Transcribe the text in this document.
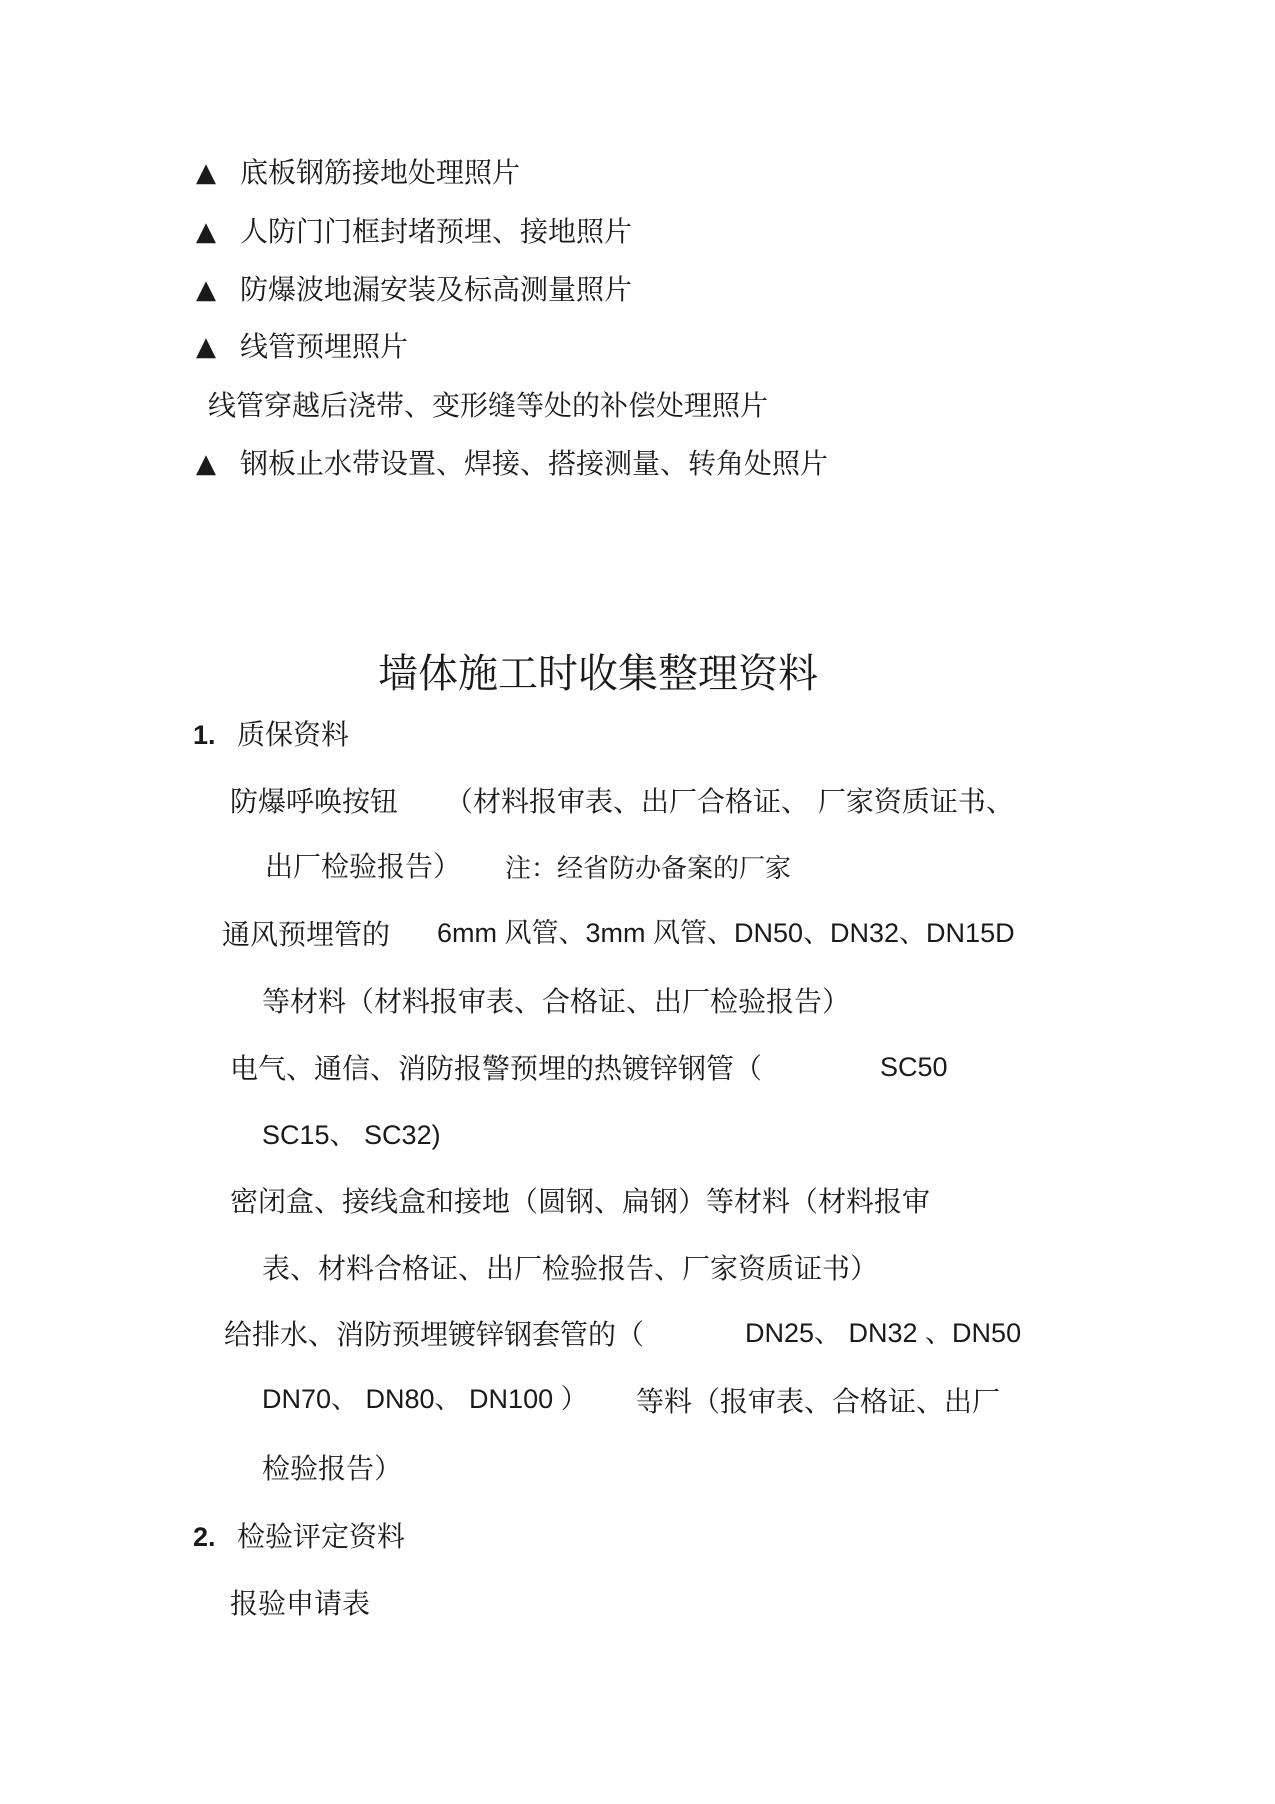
▲ 底板钢筋接地处理照片
▲ 人防门门框封堵预埋、接地照片
▲ 防爆波地漏安装及标高测量照片
▲ 线管预埋照片
线管穿越后浇带、变形缝等处的补偿处理照片
▲ 钢板止水带设置、焊接、搭接测量、转角处照片
墙体施工时收集整理资料
1. 质保资料
防爆呼唤按钮 （材料报审表、出厂合格证、 厂家资质证书、
出厂检验报告） 注：经省防办备案的厂家
通风预埋管的 6mm 风管、3mm 风管、DN50、DN32、DN15D
等材料（材料报审表、合格证、出厂检验报告）
电气、通信、消防报警预埋的热镀锌钢管（	SC50
SC15、 SC32)
密闭盒、接线盒和接地（圆钢、扁钢）等材料（材料报审
表、材料合格证、出厂检验报告、厂家资质证书）
给排水、消防预埋镀锌钢套管的（	DN25、 DN32 、DN50
DN70、 DN80、 DN100 ） 等料（报审表、合格证、出厂
检验报告）
2. 检验评定资料
报验申请表
